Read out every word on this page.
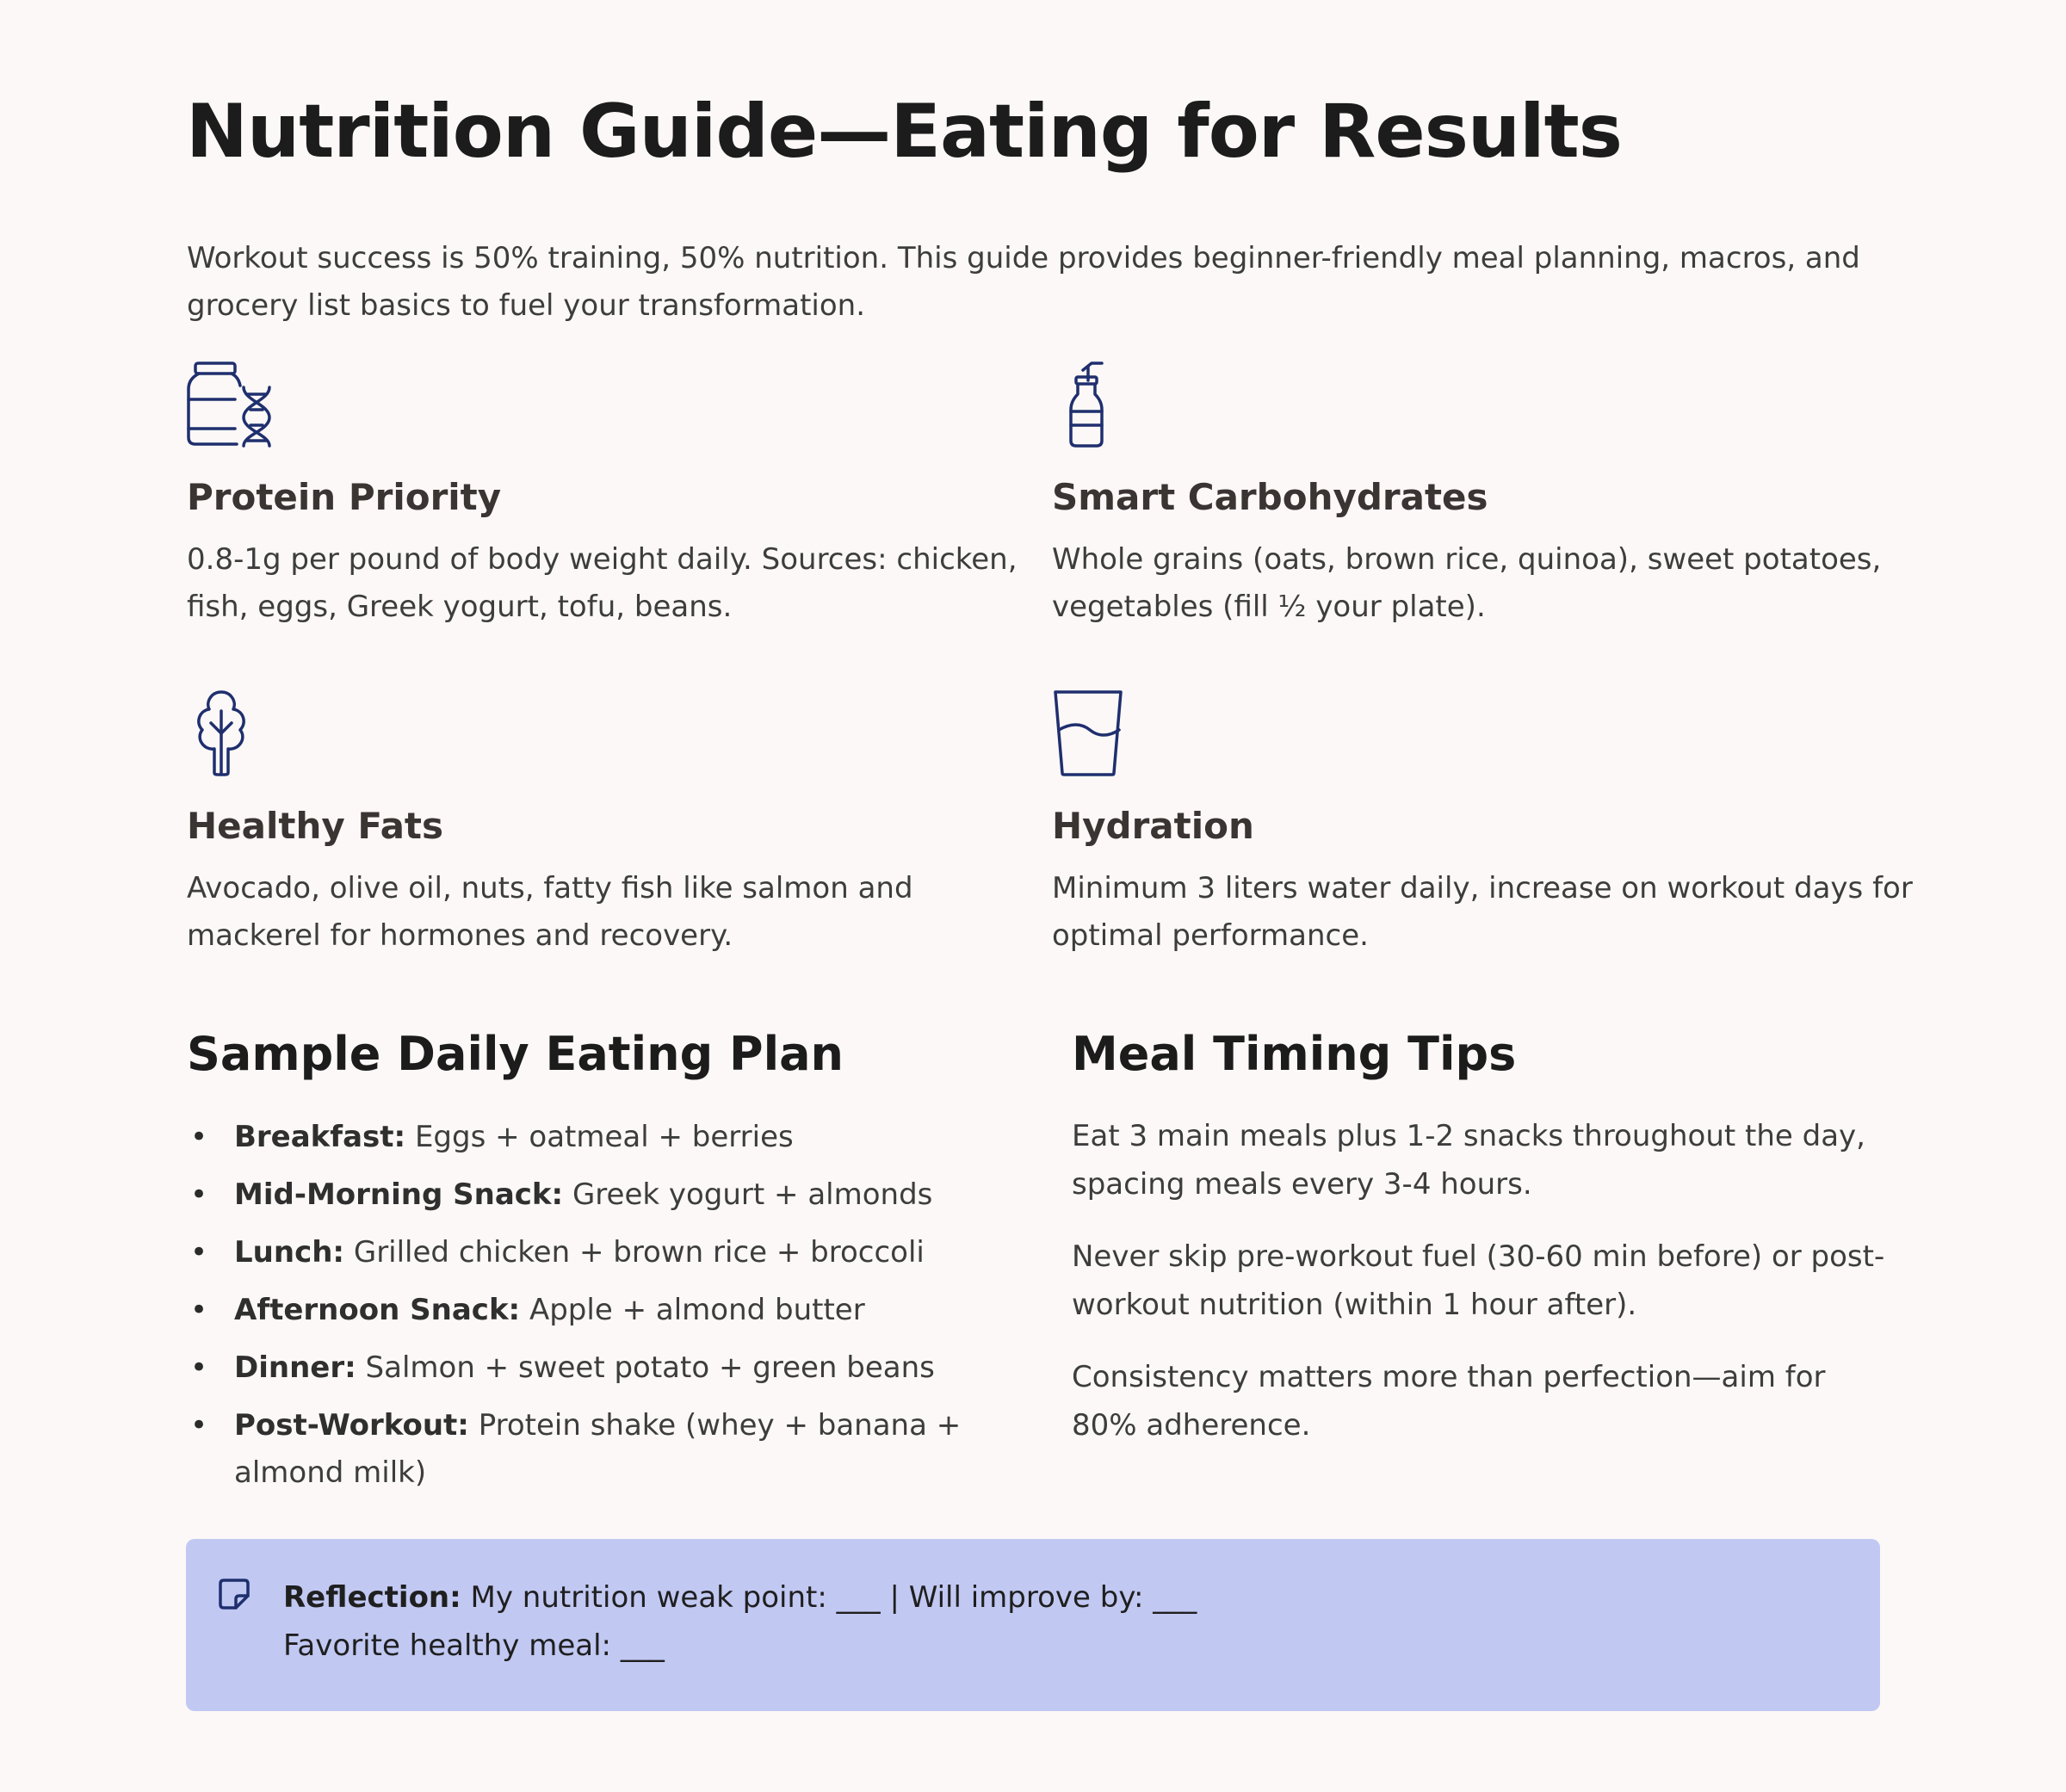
Nutrition Guide—Eating for Results

Workout success is 50% training, 50% nutrition. This guide provides beginner-friendly meal planning, macros, and grocery list basics to fuel your transformation.

Protein Priority

0.8-1g per pound of body weight daily. Sources: chicken, fish, eggs, Greek yogurt, tofu, beans.

Smart Carbohydrates

Whole grains (oats, brown rice, quinoa), sweet potatoes, vegetables (fill ½ your plate).

Healthy Fats

Avocado, olive oil, nuts, fatty fish like salmon and mackerel for hormones and recovery.

Hydration

Minimum 3 liters water daily, increase on workout days for optimal performance.

Sample Daily Eating Plan
• Breakfast: Eggs + oatmeal + berries
• Mid-Morning Snack: Greek yogurt + almonds
• Lunch: Grilled chicken + brown rice + broccoli
• Afternoon Snack: Apple + almond butter
• Dinner: Salmon + sweet potato + green beans
• Post-Workout: Protein shake (whey + banana + almond milk)
Meal Timing Tips

Eat 3 main meals plus 1-2 snacks throughout the day, spacing meals every 3-4 hours.

Never skip pre-workout fuel (30-60 min before) or post-workout nutrition (within 1 hour after).

Consistency matters more than perfection—aim for 80% adherence.

Reflection: My nutrition weak point: ___ | Will improve by: ___
Favorite healthy meal: ___
